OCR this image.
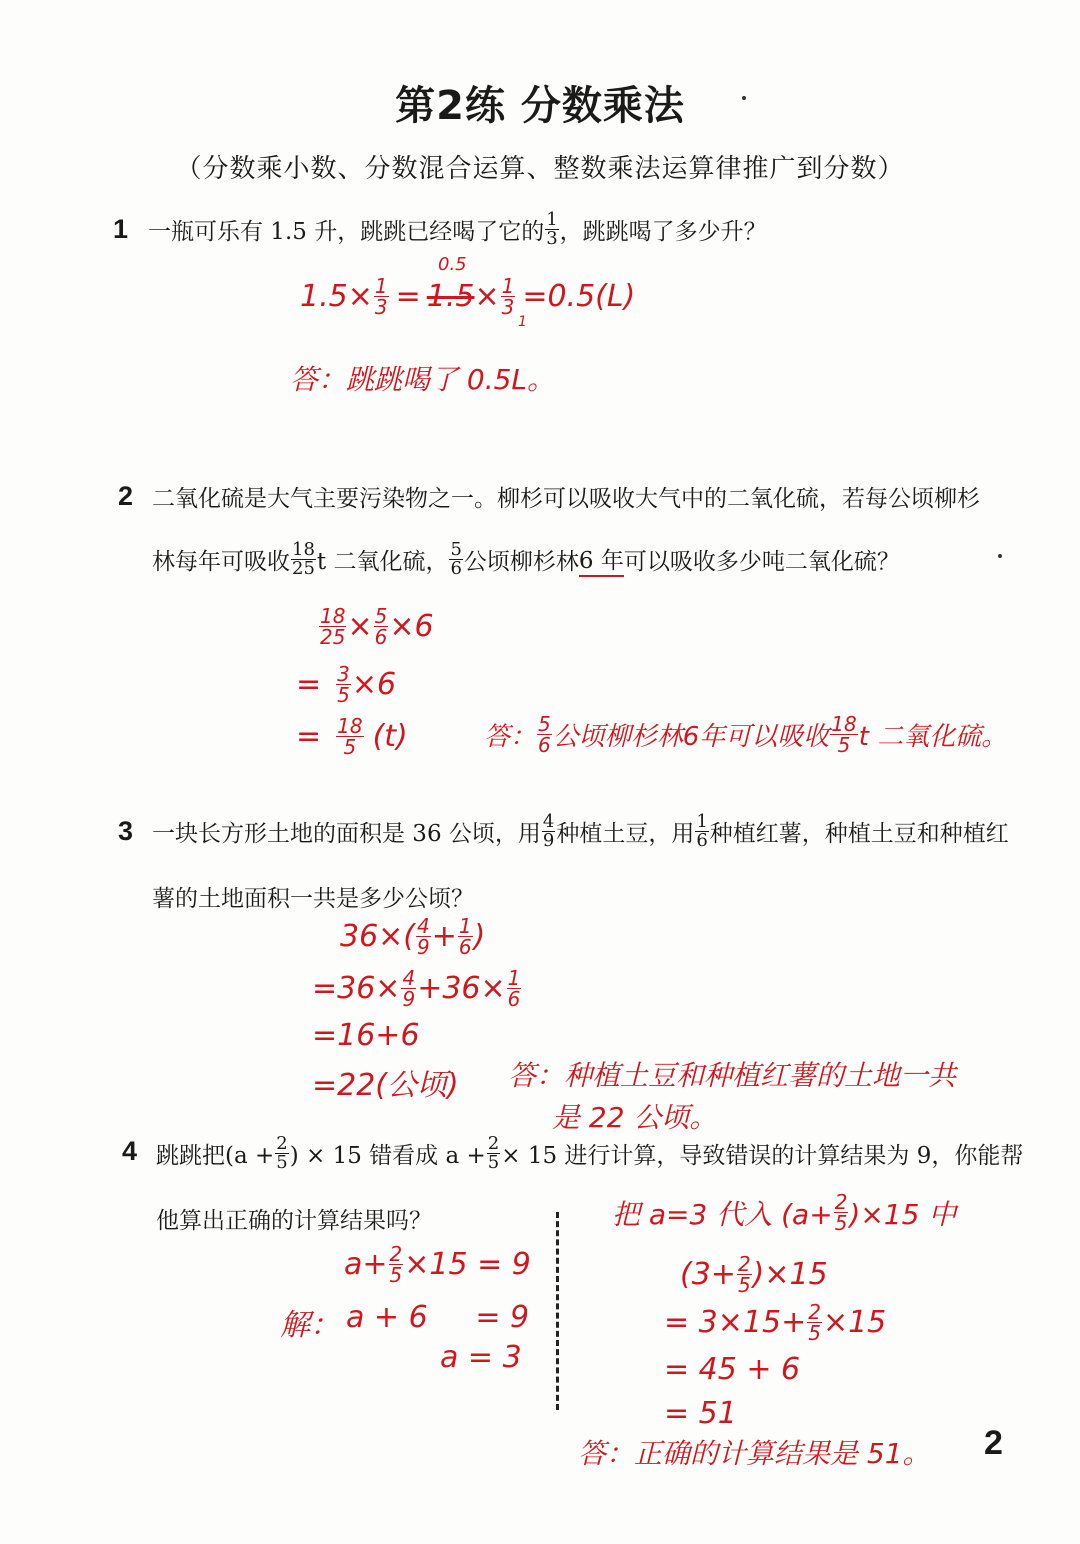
第2练 分数乘法
（分数乘小数、分数混合运算、整数乘法运算律推广到分数）
1 一瓶可乐有 1.5 升，跳跳已经喝了它的 $\frac{1}{3}$ ，跳跳喝了多少升？
0.5
$1.5\times \frac{1}{3} = 1.5 \times \frac{1}{3} =0.5(L)$
1
答：跳跳喝了 0.5L。
2 二氧化硫是大气主要污染物之一。柳杉可以吸收大气中的二氧化硫，若每公顷柳杉
林每年可吸收 $\frac{18}{25}$ t 二氧化硫， $\frac{5}{6}$ 公顷柳杉林 6 年 可以吸收多少吨二氧化硫？
$\frac{18}{25} \times \frac{5}{6} \times 6$
= $\frac{3}{5} \times 6$
= $\frac{18}{5} (t)$	答： $\frac{5}{6}$ 公顷柳杉林6年可以吸收 $\frac{18}{5}$ t 二氧化硫。
3 一块长方形土地的面积是 36 公顷，用 $\frac{4}{9}$ 种植土豆，用 $\frac{1}{6}$ 种植红薯，种植土豆和种植红
薯的土地面积一共是多少公顷？
$36\times( \frac{4}{9} + \frac{1}{6}$ )
$=36\times \frac{4}{9} +36\times \frac{1}{6}$
=16+6
=22(公顷) 答：种植土豆和种植红薯的土地一共
是 22 公顷。
4 跳跳把($a + \frac{2}{5}$ ) × 15 错看成 $a + \frac{2}{5} \times 15$ 进行计算，导致错误的计算结果为 9，你能帮
他算出正确的计算结果吗？
$a+ \frac{2}{5} \times 15 = 9$
解： a + 6     = 9
a = 3
把 a=3 代入 $(a+ \frac{2}{5} )\times 15$ 中
$(3+ \frac{2}{5} )\times 15$
= $3\times 15+ \frac{2}{5} \times 15$
= 45 + 6
= 51
答：正确的计算结果是 51。 2
